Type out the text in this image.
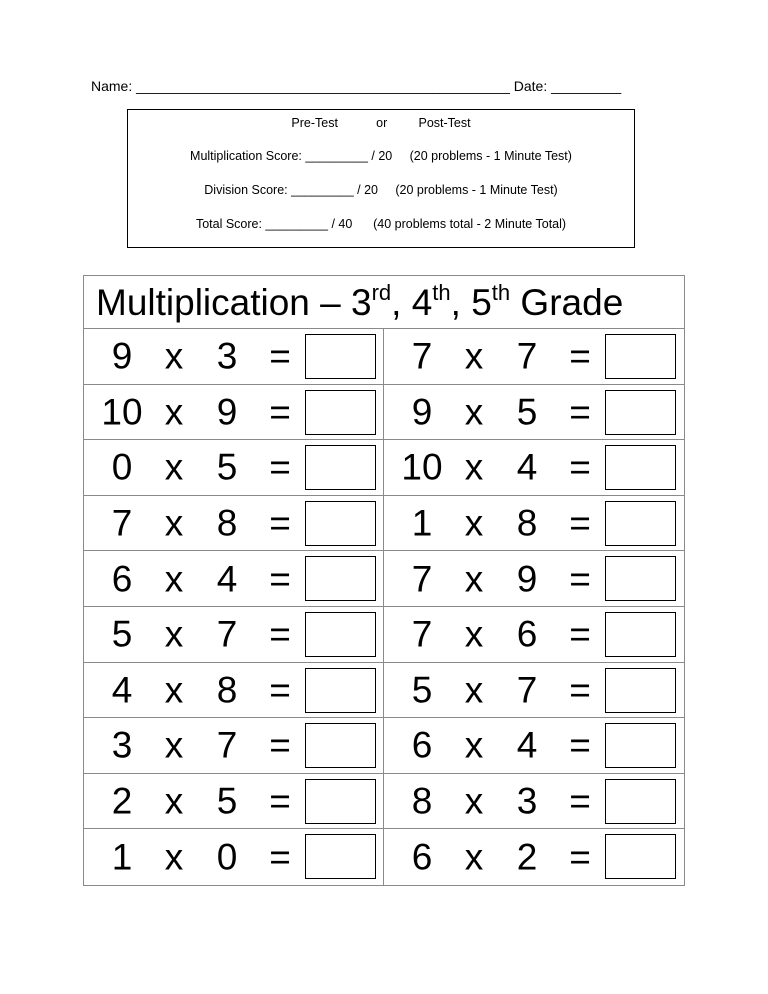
Name: ________________________________________________ Date: _________
Pre-Test           or         Post-Test
Multiplication Score: _________ / 20     (20 problems - 1 Minute Test)
Division Score: _________ / 20     (20 problems - 1 Minute Test)
Total Score: _________ / 40      (40 problems total - 2 Minute Total)
Multiplication – 3rd, 4th, 5th Grade
9 x 3 =	7 x 7 =
10 x 9 =	9 x 5 =
0 x 5 =	10 x 4 =
7 x 8 =	1 x 8 =
6 x 4 =	7 x 9 =
5 x 7 =	7 x 6 =
4 x 8 =	5 x 7 =
3 x 7 =	6 x 4 =
2 x 5 =	8 x 3 =
1 x 0 =	6 x 2 =
